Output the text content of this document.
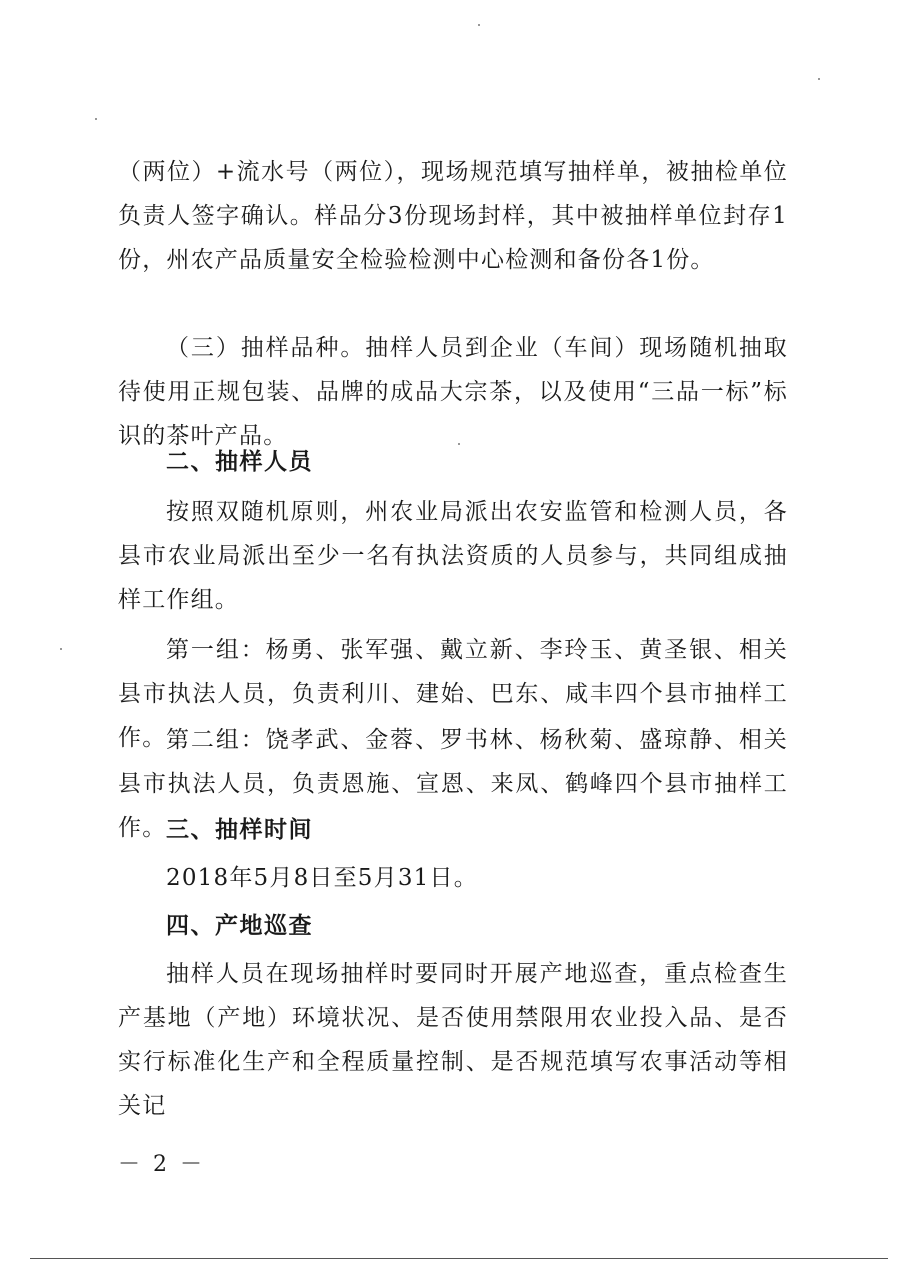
（两位）+流水号（两位），现场规范填写抽样单，被抽检单位负责人签字确认。样品分3份现场封样，其中被抽样单位封存1份，州农产品质量安全检验检测中心检测和备份各1份。

（三）抽样品种。抽样人员到企业（车间）现场随机抽取待使用正规包装、品牌的成品大宗茶，以及使用“三品一标”标识的茶叶产品。

二、抽样人员

按照双随机原则，州农业局派出农安监管和检测人员，各县市农业局派出至少一名有执法资质的人员参与，共同组成抽样工作组。

第一组：杨勇、张军强、戴立新、李玲玉、黄圣银、相关县市执法人员，负责利川、建始、巴东、咸丰四个县市抽样工作。 第二组：饶孝武、金蓉、罗书林、杨秋菊、盛琼静、相关县市执法人员，负责恩施、宣恩、来凤、鹤峰四个县市抽样工作。 三、抽样时间

2018年5月8日至5月31日。

四、产地巡查

抽样人员在现场抽样时要同时开展产地巡查，重点检查生产基地（产地）环境状况、是否使用禁限用农业投入品、是否实行标准化生产和全程质量控制、是否规范填写农事活动等相关记

－ 2 －
